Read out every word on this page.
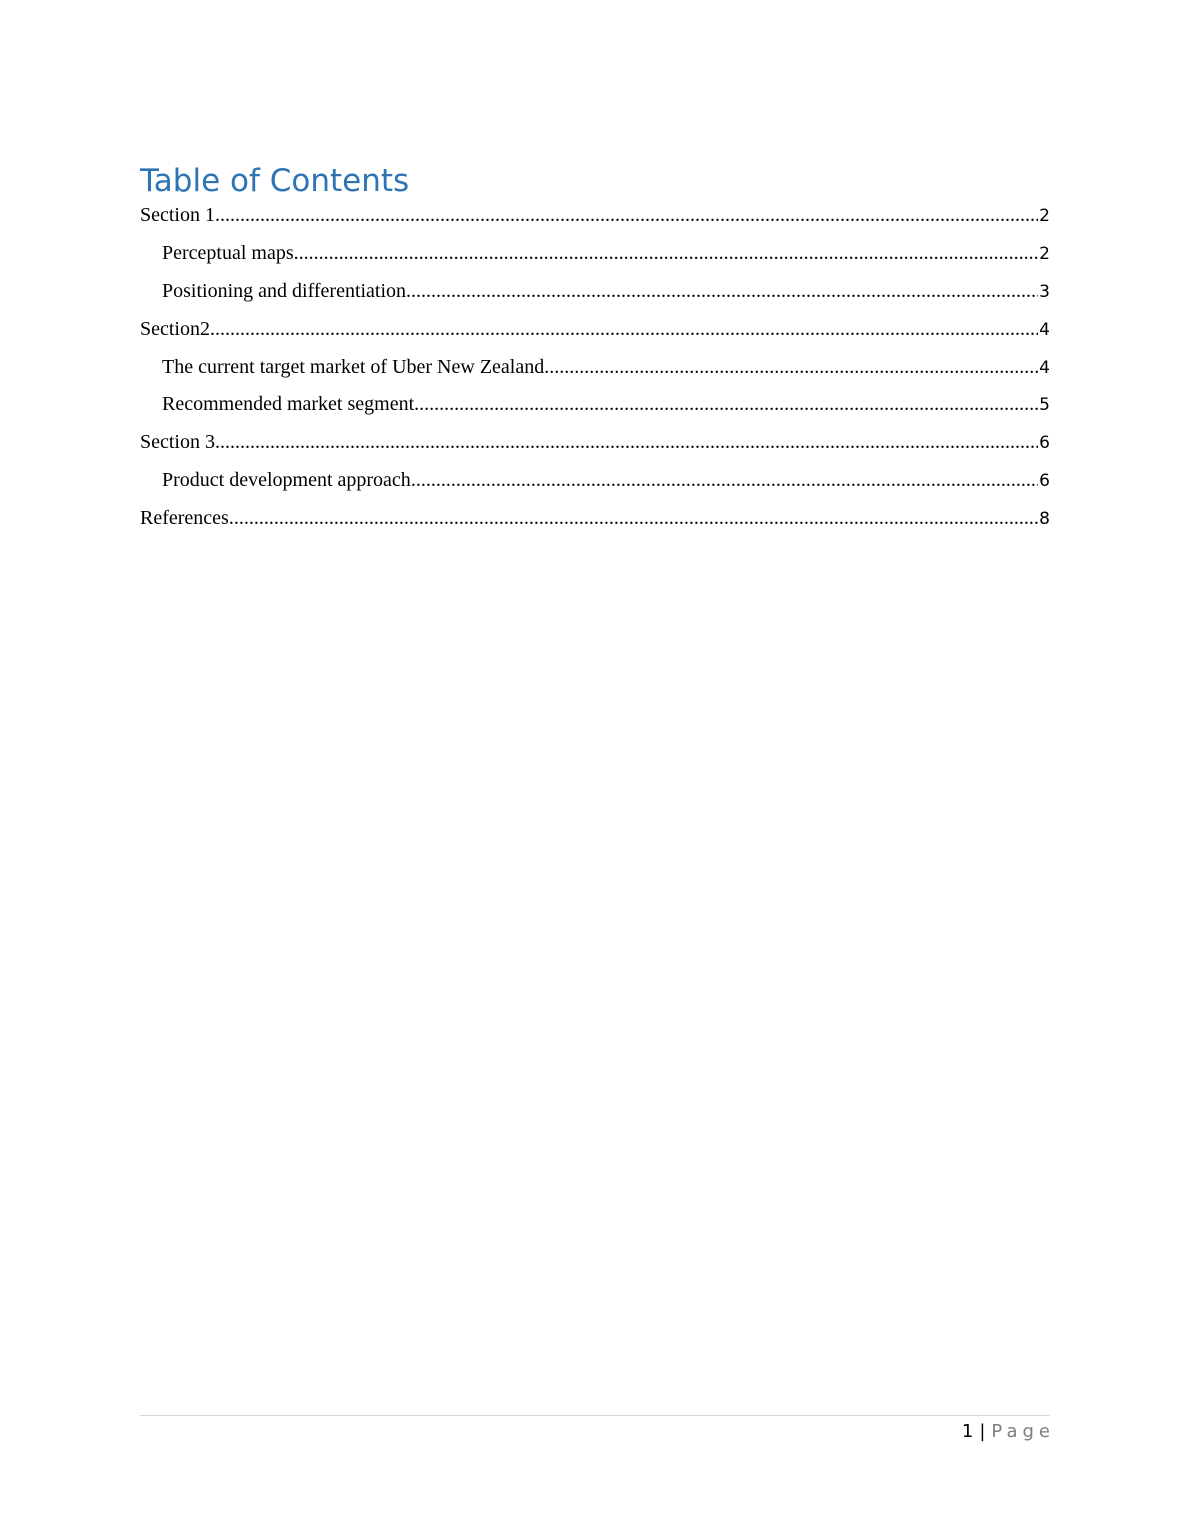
Table of Contents
Section 1 .....	2
Perceptual maps .....	2
Positioning and differentiation .....	3
Section2 .....	4
The current target market of Uber New Zealand .....	4
Recommended market segment .....	5
Section 3 .....	6
Product development approach .....	6
References .....	8
1 | Page
